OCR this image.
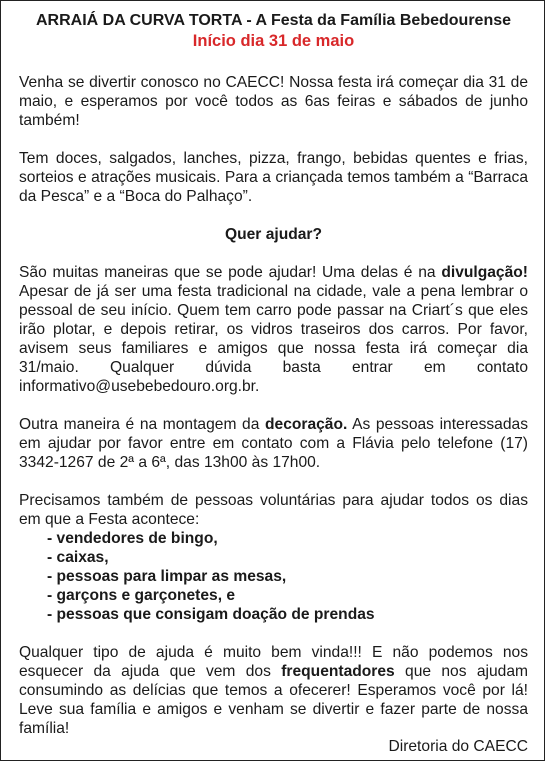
ARRAIÁ DA CURVA TORTA - A Festa da Família Bebedourense
Início dia 31 de maio

Venha se divertir conosco no CAECC! Nossa festa irá começar dia 31 de maio, e esperamos por você todos as 6as feiras e sábados de junho também!

Tem doces, salgados, lanches, pizza, frango, bebidas quentes e frias, sorteios e atrações musicais. Para a criançada temos também a “Barraca da Pesca” e a “Boca do Palhaço”.

Quer ajudar?

São muitas maneiras que se pode ajudar! Uma delas é na divulgação! Apesar de já ser uma festa tradicional na cidade, vale a pena lembrar o pessoal de seu início. Quem tem carro pode passar na Criart´s que eles irão plotar, e depois retirar, os vidros traseiros dos carros. Por favor, avisem seus familiares e amigos que nossa festa irá começar dia 31/maio. Qualquer dúvida basta entrar em contato informativo@usebebedouro.org.br.

Outra maneira é na montagem da decoração. As pessoas interessadas em ajudar por favor entre em contato com a Flávia pelo telefone (17) 3342-1267 de 2ª a 6ª, das 13h00 às 17h00.

Precisamos também de pessoas voluntárias para ajudar todos os dias em que a Festa acontece:

- vendedores de bingo,
- caixas,
- pessoas para limpar as mesas,
- garçons e garçonetes, e
- pessoas que consigam doação de prendas

Qualquer tipo de ajuda é muito bem vinda!!! E não podemos nos esquecer da ajuda que vem dos frequentadores que nos ajudam consumindo as delícias que temos a ofecerer! Esperamos você por lá! Leve sua família e amigos e venham se divertir e fazer parte de nossa família!

Diretoria do CAECC
